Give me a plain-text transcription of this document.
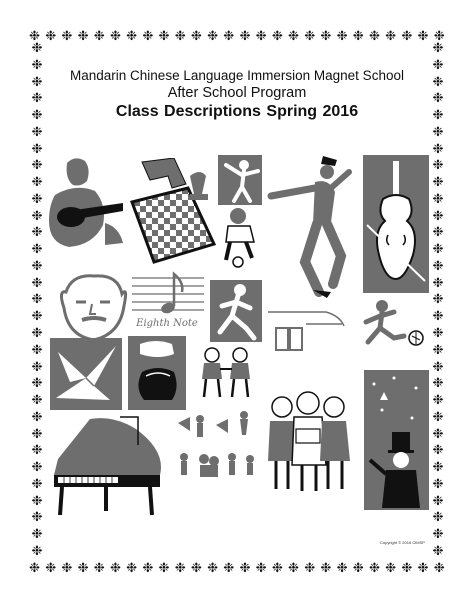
❉ ❉ ❉ ❉ ❉ ❉ ❉ ❉ ❉ ❉ ❉ ❉ ❉ ❉ ❉ ❉ ❉ ❉ ❉ ❉ ❉ ❉ ❉ ❉ ❉ ❉
❉ ❉ ❉ ❉ ❉ ❉ ❉ ❉ ❉ ❉ ❉ ❉ ❉ ❉ ❉ ❉ ❉ ❉ ❉ ❉ ❉ ❉ ❉ ❉ ❉ ❉
❉
❉
❉
❉
❉
❉
❉
❉
❉
❉
❉
❉
❉
❉
❉
❉
❉
❉
❉
❉
❉
❉
❉
❉
❉
❉
❉
❉
❉
❉
❉
❉
❉
❉
❉
❉
❉
❉
❉
❉
❉
❉
❉
❉
❉
❉
❉
❉
❉
❉
❉
❉
❉
❉
❉
❉
❉
❉
❉
❉
❉
❉
Mandarin Chinese Language Immersion Magnet School
After School Program
Class Descriptions Spring 2016
Eighth Note
Copyright © 2016 CIMSP
